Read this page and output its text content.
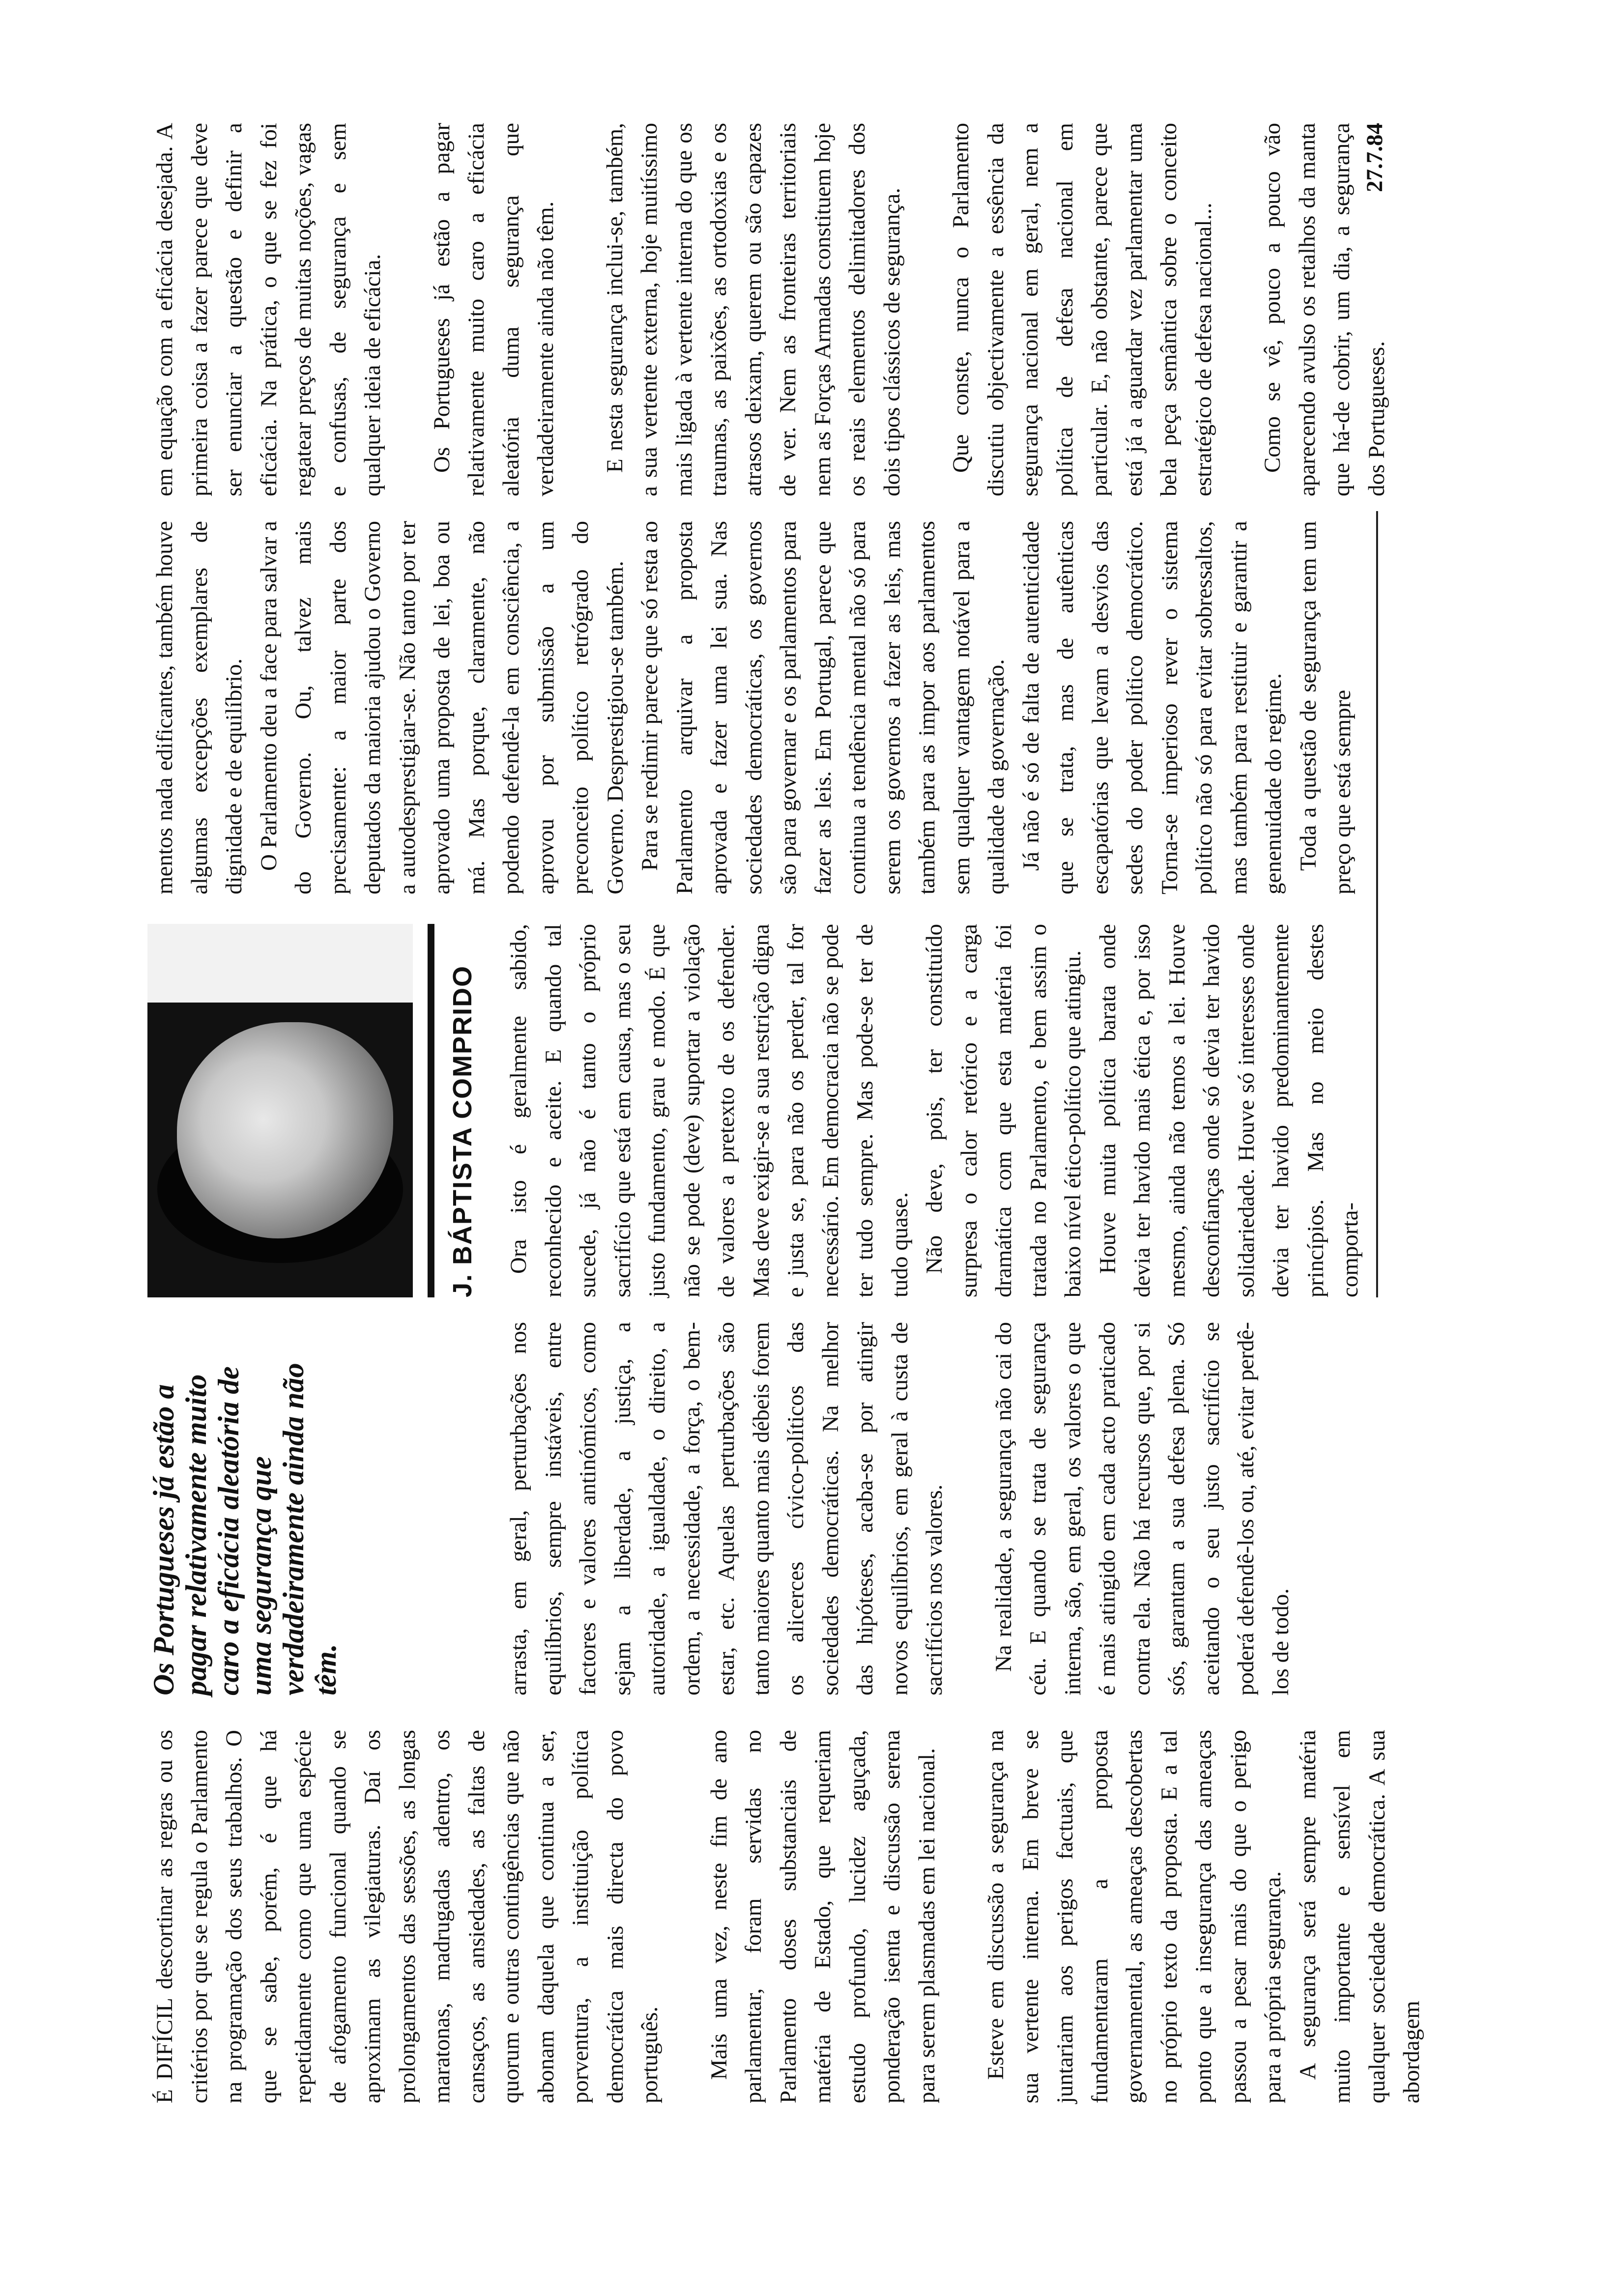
É DIFÍCIL descortinar as regras ou os critérios por que se regula o Parlamento na programação dos seus trabalhos. O que se sabe, porém, é que há repetidamente como que uma espécie de afogamento funcional quando se aproximam as vilegiaturas. Daí os prolongamentos das sessões, as longas maratonas, madrugadas adentro, os cansaços, as ansiedades, as faltas de quorum e outras contingências que não abonam daquela que continua a ser, porventura, a instituição política democrática mais directa do povo português. Mais uma vez, neste fim de ano parlamentar, foram servidas no Parlamento doses substanciais de matéria de Estado, que requeriam estudo profundo, lucidez aguçada, ponderação isenta e discussão serena para serem plasmadas em lei nacional. Esteve em discussão a segurança na sua vertente interna. Em breve se juntariam aos perigos factuais, que fundamentaram a proposta governamental, as ameaças descobertas no próprio texto da proposta. E a tal ponto que a insegurança das ameaças passou a pesar mais do que o perigo para a própria segurança. A segurança será sempre matéria muito importante e sensível em qualquer sociedade democrática. A sua abordagem

Os Portugueses já estão a pagar relativamente muito caro a eficácia aleatória de uma segurança que verdadeiramente ainda não têm.	arrasta, em geral, perturbações nos equilíbrios, sempre instáveis, entre factores e valores antinómicos, como sejam a liberdade, a justiça, a autoridade, a igualdade, o direito, a ordem, a necessidade, a força, o bem-estar, etc. Aquelas perturbações são tanto maiores quanto mais débeis forem os alicerces cívico-políticos das sociedades democráticas. Na melhor das hipóteses, acaba-se por atingir novos equilíbrios, em geral à custa de sacrifícios nos valores. Na realidade, a segurança não cai do céu. E quando se trata de segurança interna, são, em geral, os valores o que é mais atingido em cada acto praticado contra ela. Não há recursos que, por si sós, garantam a sua defesa plena. Só aceitando o seu justo sacrifício se poderá defendê-los ou, até, evitar perdê-los de todo.

J. BÁPTISTA COMPRIDO Ora isto é geralmente sabido, reconhecido e aceite. E quando tal sucede, já não é tanto o próprio sacrifício que está em causa, mas o seu justo fundamento, grau e modo. É que não se pode (deve) suportar a violação de valores a pretexto de os defender. Mas deve exigir-se a sua restrição digna e justa se, para não os perder, tal for necessário. Em democracia não se pode ter tudo sempre. Mas pode-se ter de tudo quase. Não deve, pois, ter constituído surpresa o calor retórico e a carga dramática com que esta matéria foi tratada no Parlamento, e bem assim o baixo nível ético-político que atingiu. Houve muita política barata onde devia ter havido mais ética e, por isso mesmo, ainda não temos a lei. Houve desconfianças onde só devia ter havido solidariedade. Houve só interesses onde devia ter havido predominantemente princípios. Mas no meio destes comporta-

mentos nada edificantes, também houve algumas excepções exemplares de dignidade e de equilíbrio. O Parlamento deu a face para salvar a do Governo. Ou, talvez mais precisamente: a maior parte dos deputados da maioria ajudou o Governo a autodesprestigiar-se. Não tanto por ter aprovado uma proposta de lei, boa ou má. Mas porque, claramente, não podendo defendê-la em consciência, a aprovou por submissão a um preconceito político retrógrado do Governo. Desprestigiou-se também. Para se redimir parece que só resta ao Parlamento arquivar a proposta aprovada e fazer uma lei sua. Nas sociedades democráticas, os governos são para governar e os parlamentos para fazer as leis. Em Portugal, parece que continua a tendência mental não só para serem os governos a fazer as leis, mas também para as impor aos parlamentos sem qualquer vantagem notável para a qualidade da governação. Já não é só de falta de autenticidade que se trata, mas de autênticas escapatórias que levam a desvios das sedes do poder político democrático. Torna-se imperioso rever o sistema político não só para evitar sobressaltos, mas também para restituir e garantir a genenuidade do regime. Toda a questão de segurança tem um preço que está sempre

em equação com a eficácia desejada. A primeira coisa a fazer parece que deve ser enunciar a questão e definir a eficácia. Na prática, o que se fez foi regatear preços de muitas noções, vagas e confusas, de segurança e sem qualquer ideia de eficácia. Os Portugueses já estão a pagar relativamente muito caro a eficácia aleatória duma segurança que verdadeiramente ainda não têm. E nesta segurança inclui-se, também, a sua vertente externa, hoje muitíssimo mais ligada à vertente interna do que os traumas, as paixões, as ortodoxias e os atrasos deixam, querem ou são capazes de ver. Nem as fronteiras territoriais nem as Forças Armadas constituem hoje os reais elementos delimitadores dos dois tipos clássicos de segurança. Que conste, nunca o Parlamento discutiu objectivamente a essência da segurança nacional em geral, nem a política de defesa nacional em particular. E, não obstante, parece que está já a aguardar vez parlamentar uma bela peça semântica sobre o conceito estratégico de defesa nacional... Como se vê, pouco a pouco vão aparecendo avulso os retalhos da manta que há-de cobrir, um dia, a segurança dos Portugueses.

27.7.84
